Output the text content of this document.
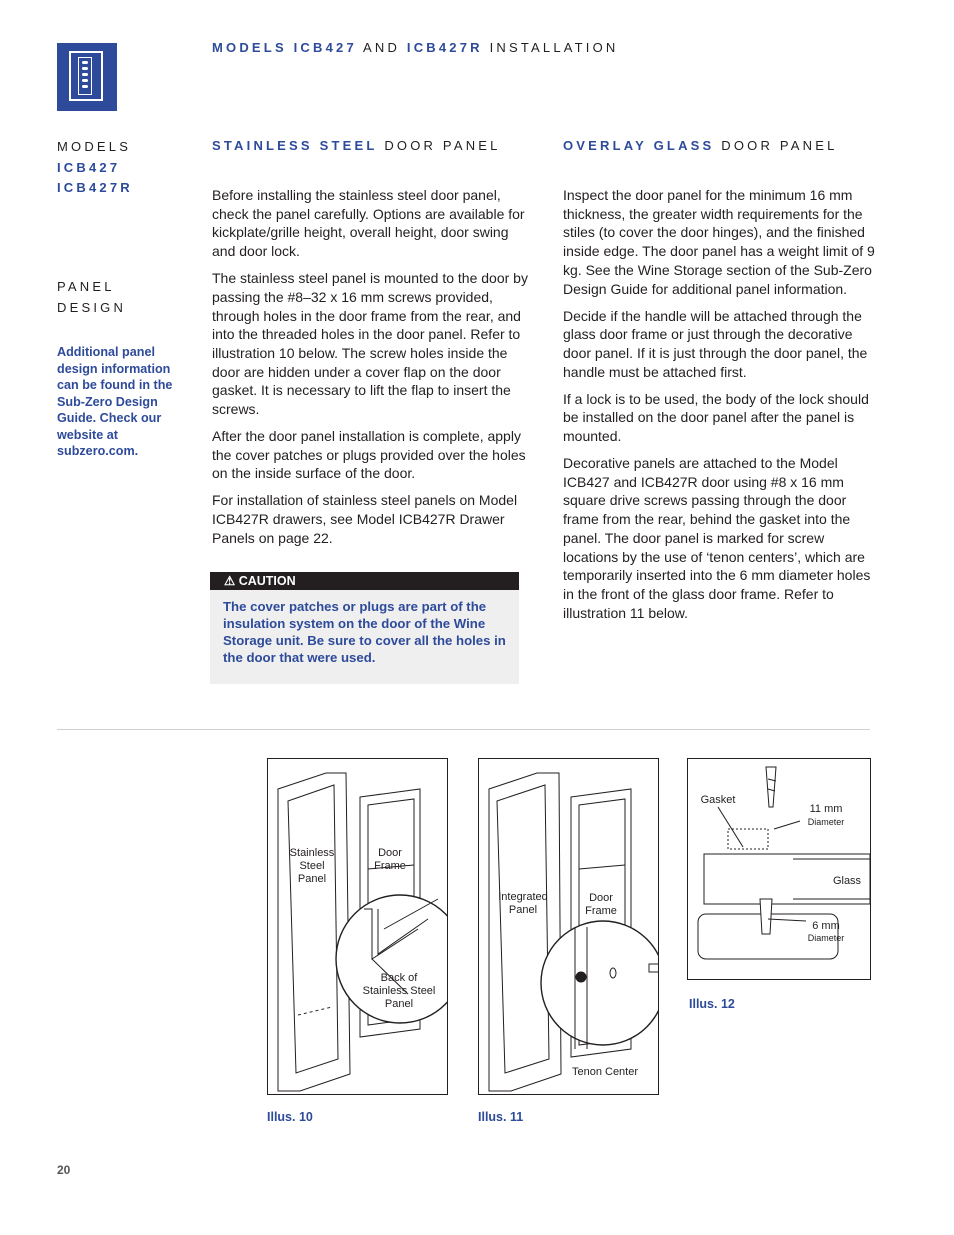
MODELS ICB427 AND ICB427R INSTALLATION
MODELS
ICB427
ICB427R
PANEL
DESIGN
Additional panel design information can be found in the Sub-Zero Design Guide. Check our website at subzero.com.
STAINLESS STEEL DOOR PANEL

Before installing the stainless steel door panel, check the panel carefully. Options are available for kickplate/grille height, overall height, door swing and door lock.

The stainless steel panel is mounted to the door by passing the #8–32 x 16 mm screws provided, through holes in the door frame from the rear, and into the threaded holes in the door panel. Refer to illustration 10 below. The screw holes inside the door are hidden under a cover flap on the door gasket. It is necessary to lift the flap to insert the screws.

After the door panel installation is complete, apply the cover patches or plugs provided over the holes on the inside surface of the door.

For installation of stainless steel panels on Model ICB427R drawers, see Model ICB427R Drawer Panels on page 22.

⚠ CAUTION
The cover patches or plugs are part of the insulation system on the door of the Wine Storage unit. Be sure to cover all the holes in the door that were used.
OVERLAY GLASS DOOR PANEL

Inspect the door panel for the minimum 16 mm thickness, the greater width requirements for the stiles (to cover the door hinges), and the finished inside edge. The door panel has a weight limit of 9 kg. See the Wine Storage section of the Sub-Zero Design Guide for additional panel information.

Decide if the handle will be attached through the glass door frame or just through the decorative door panel. If it is just through the door panel, the handle must be attached first.

If a lock is to be used, the body of the lock should be installed on the door panel after the panel is mounted.

Decorative panels are attached to the Model ICB427 and ICB427R door using #8 x 16 mm square drive screws passing through the door frame from the rear, behind the gasket into the panel. The door panel is marked for screw locations by the use of ‘tenon centers’, which are temporarily inserted into the 6 mm diameter holes in the front of the glass door frame. Refer to illustration 11 below.

Stainless
Steel
Panel
Door
Frame
Back of
Stainless Steel
Panel
Illus. 10
Integrated
Panel
Door
Frame
Tenon Center
Illus. 11
Gasket
11 mm
Diameter
Glass
6 mm
Diameter
Illus. 12
20
